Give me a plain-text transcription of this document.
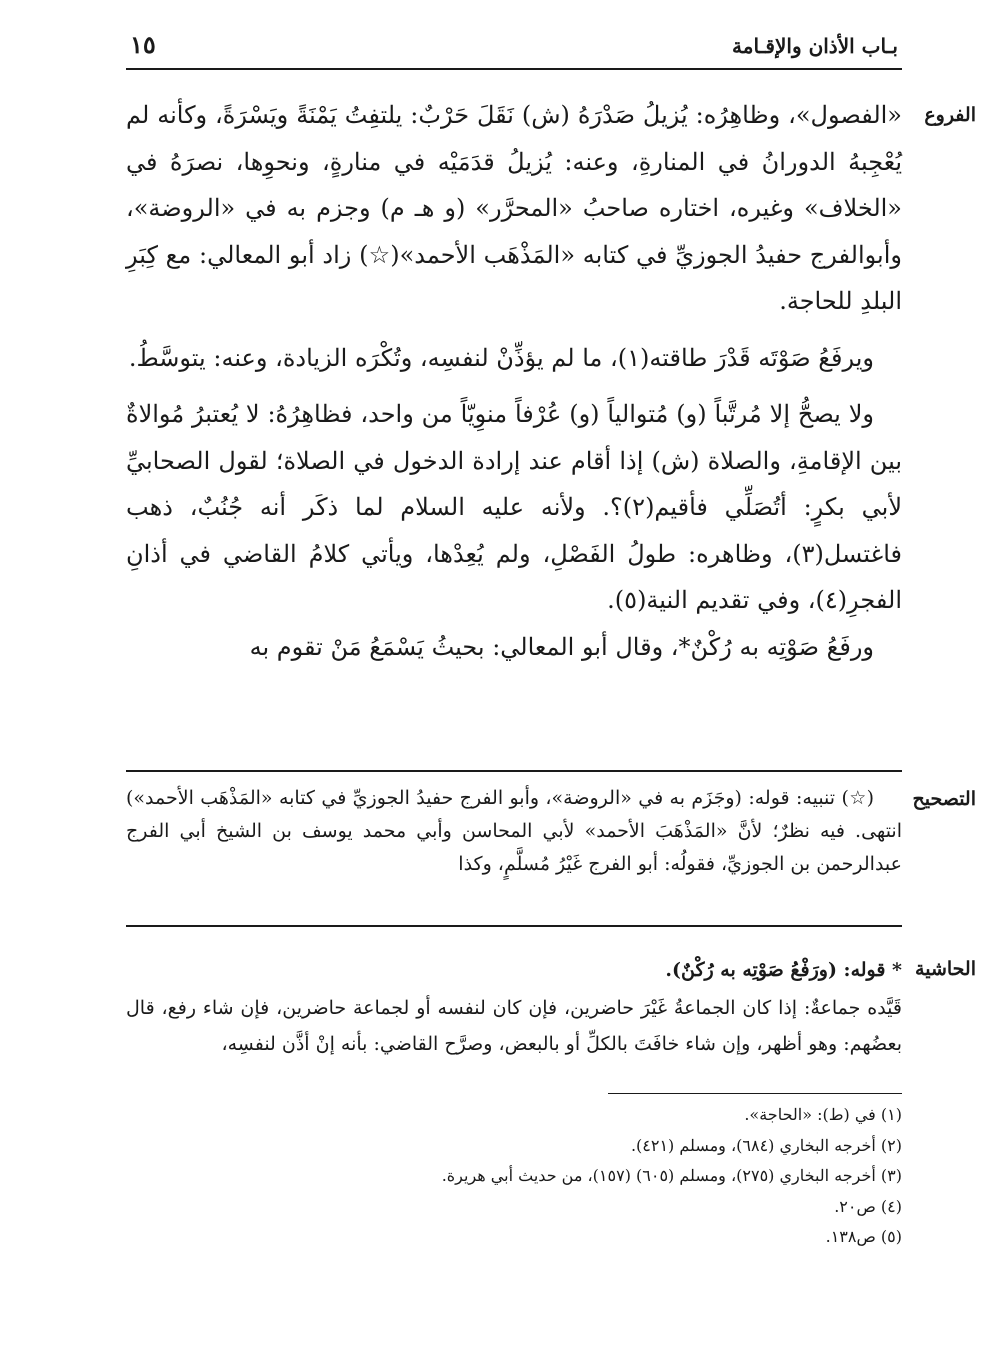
١٥	بـاب الأذان والإقـامة
الفروع

«الفصول»، وظاهِرُه: يُزيلُ صَدْرَهُ (ش) نَقَلَ حَرْبٌ: يلتفِتُ يَمْنَةً ويَسْرَةً، وكأنه لم يُعْجِبهُ الدورانُ في المنارةِ، وعنه: يُزيلُ قدَمَيْه في منارةٍ، ونحوِها، نصرَهُ في «الخلاف» وغيره، اختاره صاحبُ «المحرَّر» (و هـ م) وجزم به في «الروضة»، وأبوالفرج حفيدُ الجوزيِّ في كتابه «المَذْهَب الأحمد»(☆) زاد أبو المعالي: مع كِبَرِ البلدِ للحاجة.

ويرفَعُ صَوْتَه قَدْرَ طاقته(١)، ما لم يؤذِّنْ لنفسِه، وتُكْرَه الزيادة، وعنه: يتوسَّطُ.

ولا يصحُّ إلا مُرتَّباً (و) مُتوالياً (و) عُرْفاً منوِيّاً من واحد، فظاهِرُهُ: لا يُعتبرُ مُوالاةٌ بين الإقامةِ، والصلاة (ش) إذا أقام عند إرادة الدخول في الصلاة؛ لقول الصحابيِّ لأبي بكرٍ: أتُصَلِّي فأقيم(٢)؟. ولأنه عليه السلام لما ذكَر أنه جُنُبٌ، ذهب فاغتسل(٣)، وظاهره: طولُ الفَصْلِ، ولم يُعِدْها، ويأتي كلامُ القاضي في أذانِ الفجرِ(٤)، وفي تقديم النية(٥).

ورفَعُ صَوْتِه به رُكْنٌ*، وقال أبو المعالي: بحيثُ يَسْمَعُ مَنْ تقوم به

التصحيح

(☆) تنبيه: قوله: (وجَزَم به في «الروضة»، وأبو الفرج حفيدُ الجوزيِّ في كتابه «المَذْهَب الأحمد») انتهى. فيه نظرٌ؛ لأنَّ «المَذْهَبَ الأحمد» لأبي المحاسن وأبي محمد يوسف بن الشيخ أبي الفرج عبدالرحمن بن الجوزيِّ، فقولُه: أبو الفرج غَيْرُ مُسلَّمٍ، وكذا

الحاشية

* قوله: (ورَفْعُ صَوْتِه به رُكْنٌ).

قَيَّده جماعةٌ: إذا كان الجماعةُ غَيْرَ حاضرين، فإن كان لنفسه أو لجماعة حاضرين، فإن شاء رفع، قال بعضُهم: وهو أظهر، وإن شاء خافَتَ بالكلِّ أو بالبعض، وصرَّح القاضي: بأنه إنْ أذَّن لنفسِه،

(١) في (ط): «الحاجة».

(٢) أخرجه البخاري (٦٨٤)، ومسلم (٤٢١).

(٣) أخرجه البخاري (٢٧٥)، ومسلم (٦٠٥) (١٥٧)، من حديث أبي هريرة.

(٤) ص٢٠.

(٥) ص١٣٨.
